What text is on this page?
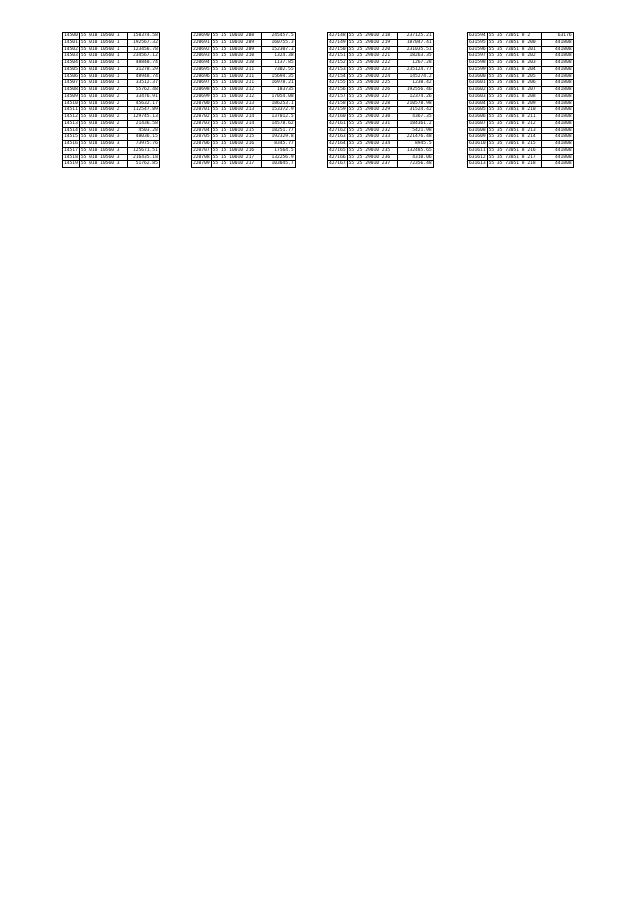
14500	55 010 10560 1	158374.58
14501	55 010 10560 1	192567.32
14502	55 010 10560 1	123456.78
14503	55 010 10560 1	234567.12
14504	55 010 10560 1	48848.74
14505	55 010 10560 1	31278.29
14506	55 010 10560 1	48948.74
14507	55 010 10560 1	33512.37
14508	55 010 10560 2	55762.48
14509	55 010 10560 2	33476.91
14510	55 010 10560 2	45632.17
14511	55 010 10560 2	112547.89
14512	55 010 10560 2	129745.13
14513	55 010 10560 2	21436.58
14514	55 010 10560 2	4503.28
14515	55 010 10560 3	48036.15
14516	55 010 10560 3	73975.76
14517	55 010 10560 3	125671.51
14518	55 010 10560 3	216435.18
14519	55 010 10560 3	51762.85
220690	55 15 10010 208	245457.5
220691	55 15 10010 209	160755.3
220692	55 15 10010 209	152307.3
220693	55 15 10010 210	1324.38
220694	55 15 10010 210	1137.85
220695	55 15 10010 211	7302.55
220696	55 15 10010 211	15694.35
220697	55 15 10010 211	16978.21
220698	55 15 10010 212	183735
220699	55 15 10010 212	17054.08
220700	55 15 10010 213	186253.1
220701	55 15 10010 213	153372.9
220702	55 15 10010 214	137012.5
220703	55 15 10010 214	14578.62
220704	55 15 10010 215	18251.77
220705	55 15 10010 215	192329.8
220706	55 15 10010 216	8345.77
220707	55 15 10010 216	17564.5
220708	55 15 10010 217	132256.9
220709	55 15 10010 217	103045.7
427148	55 25 29010 218	237125.21
427149	55 25 29010 219	187047.41
427150	55 25 29010 220	231035.51
427151	55 25 29010 221	18263.35
427152	55 25 29010 222	1267.28
427153	55 25 29010 223	235124.77
427154	55 25 29010 224	145274.2
427155	55 25 29010 225	1230.42
427156	55 25 29010 226	192556.46
427157	55 25 29010 227	12374.26
427158	55 25 29010 228	210578.98
427159	55 25 29010 229	31524.42
427160	55 25 29010 230	4367.35
427161	55 25 29010 231	184361.2
427162	55 25 29010 232	5421.98
427163	55 25 29010 233	221476.48
427164	55 25 29010 234	8945.5
427165	55 25 29010 235	132485.65
427166	55 25 29010 236	4310.06
427167	55 25 29010 237	72356.48
631594	55 35 73051 8 2	63176
631595	55 35 73051 8 200	441808
631596	55 35 73051 8 201	441808
631597	55 35 73051 8 202	441808
631598	55 35 73051 8 203	441808
631599	55 35 73051 8 204	441808
631600	55 35 73051 8 205	441808
631601	55 35 73051 8 206	441808
631602	55 35 73051 8 207	441808
631603	55 35 73051 8 208	441808
631604	55 35 73051 8 209	441808
631605	55 35 73051 8 210	441808
631606	55 35 73051 8 211	441808
631607	55 35 73051 8 212	441808
631608	55 35 73051 8 213	441808
631609	55 35 73051 8 214	441808
631610	55 35 73051 8 215	441808
631611	55 35 73051 8 216	441808
631612	55 35 73051 8 217	441808
631613	55 35 73051 8 218	441808
